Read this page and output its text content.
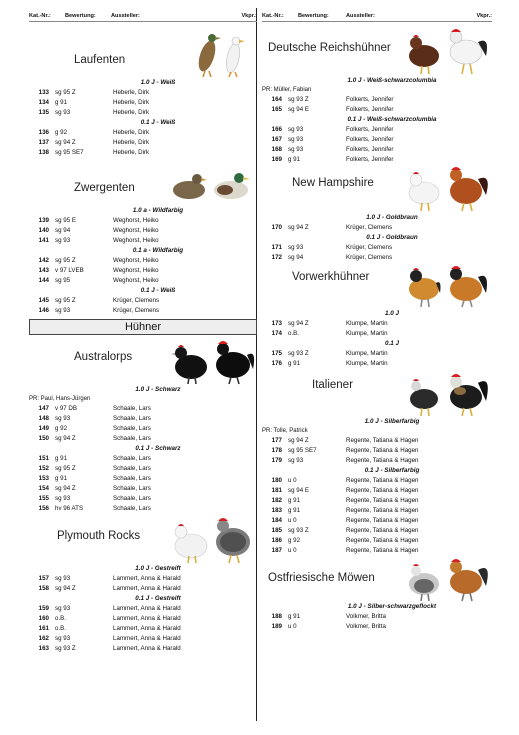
Kat.-Nr.:	Bewertung:	Aussteller:	Vkpr.:
Laufenten
1.0 J - Weiß
133 sg 95 Z	Heberle, Dirk
134 g 91	Heberle, Dirk
135 sg 93	Heberle, Dirk
0.1 J - Weiß
136 g 92	Heberle, Dirk
137 sg 94 Z	Heberle, Dirk
138 sg 95 SE7	Heberle, Dirk
Zwergenten
1.0 a - Wildfarbig
139 sg 95 E	Weghorst, Heiko
140 sg 94	Weghorst, Heiko
141 sg 93	Weghorst, Heiko
0.1 a - Wildfarbig
142 sg 95 Z	Weghorst, Heiko
143 v 97 LVEB	Weghorst, Heiko
144 sg 95	Weghorst, Heiko
0.1 J - Weiß
145 sg 95 Z	Krüger, Clemens
146 sg 93	Krüger, Clemens
Hühner
Australorps
1.0 J - Schwarz
PR: Paul, Hans-Jürgen
147 v 97 DB	Schaale, Lars
148 sg 93	Schaale, Lars
149 g 92	Schaale, Lars
150 sg 94 Z	Schaale, Lars
0.1 J - Schwarz
151 g 91	Schaale, Lars
152 sg 95 Z	Schaale, Lars
153 g 91	Schaale, Lars
154 sg 94 Z	Schaale, Lars
155 sg 93	Schaale, Lars
156 hv 96 ATS	Schaale, Lars
Plymouth Rocks
1.0 J - Gestreift
157 sg 93	Lammert, Anna & Harald
158 sg 94 Z	Lammert, Anna & Harald
0.1 J - Gestreift
159 sg 93	Lammert, Anna & Harald
160 o.B.	Lammert, Anna & Harald
161 o.B.	Lammert, Anna & Harald
162 sg 93	Lammert, Anna & Harald
163 sg 93 Z	Lammert, Anna & Harald
Kat.-Nr.:	Bewertung:	Aussteller:	Vkpr.:
Deutsche Reichshühner
1.0 J - Weiß-schwarzcolumbia
PR: Müller, Fabian
164 sg 93 Z	Folkerts, Jennifer
165 sg 94 E	Folkerts, Jennifer
0.1 J - Weiß-schwarzcolumbia
166 sg 93	Folkerts, Jennifer
167 sg 93	Folkerts, Jennifer
168 sg 93	Folkerts, Jennifer
169 g 91	Folkerts, Jennifer
New Hampshire
1.0 J - Goldbraun
170 sg 94 Z	Krüger, Clemens
0.1 J - Goldbraun
171 sg 93	Krüger, Clemens
172 sg 94	Krüger, Clemens
Vorwerkhühner
1.0 J
173 sg 94 Z	Klumpe, Martin
174 o.B.	Klumpe, Martin
0.1 J
175 sg 93 Z	Klumpe, Martin
176 g 91	Klumpe, Martin
Italiener
1.0 J - Silberfarbig
PR: Tolle, Patrick
177 sg 94 Z	Regente, Tatiana & Hagen
178 sg 95 SE7	Regente, Tatiana & Hagen
179 sg 93	Regente, Tatiana & Hagen
0.1 J - Silberfarbig
180 u 0	Regente, Tatiana & Hagen
181 sg 94 E	Regente, Tatiana & Hagen
182 g 91	Regente, Tatiana & Hagen
183 g 91	Regente, Tatiana & Hagen
184 u 0	Regente, Tatiana & Hagen
185 sg 93 Z	Regente, Tatiana & Hagen
186 g 92	Regente, Tatiana & Hagen
187 u 0	Regente, Tatiana & Hagen
Ostfriesische Möwen
1.0 J - Silber-schwarzgeflockt
188 g 91	Volkmer, Britta
189 u 0	Volkmer, Britta
